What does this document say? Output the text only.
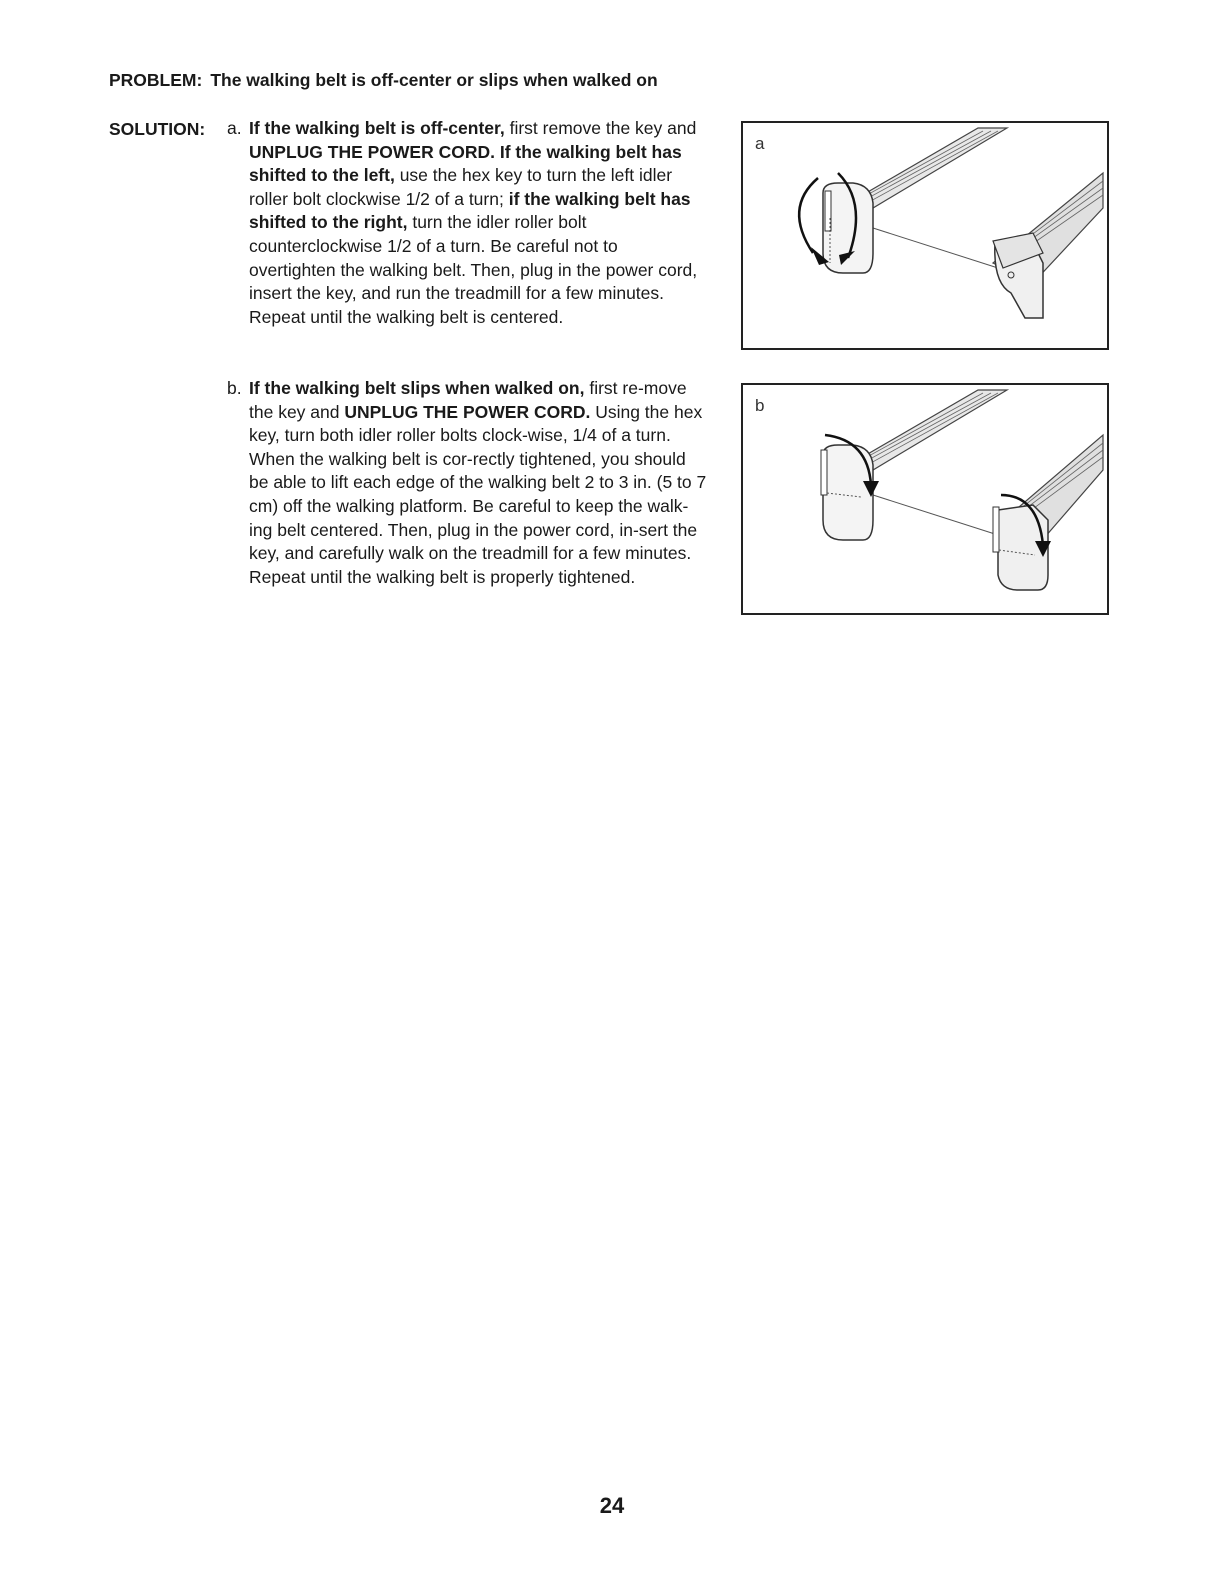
PROBLEM: The walking belt is off-center or slips when walked on

SOLUTION: a. If the walking belt is off-center, first remove the key and UNPLUG THE POWER CORD. If the walking belt has shifted to the left, use the hex key to turn the left idler roller bolt clockwise 1/2 of a turn; if the walking belt has shifted to the right, turn the idler roller bolt counterclockwise 1/2 of a turn. Be careful not to overtighten the walking belt. Then, plug in the power cord, insert the key, and run the treadmill for a few minutes. Repeat until the walking belt is centered.
b. If the walking belt slips when walked on, first re-move the key and UNPLUG THE POWER CORD. Using the hex key, turn both idler roller bolts clock-wise, 1/4 of a turn. When the walking belt is cor-rectly tightened, you should be able to lift each edge of the walking belt 2 to 3 in. (5 to 7 cm) off the walking platform. Be careful to keep the walk-ing belt centered. Then, plug in the power cord, in-sert the key, and carefully walk on the treadmill for a few minutes. Repeat until the walking belt is properly tightened.
a
b
24
